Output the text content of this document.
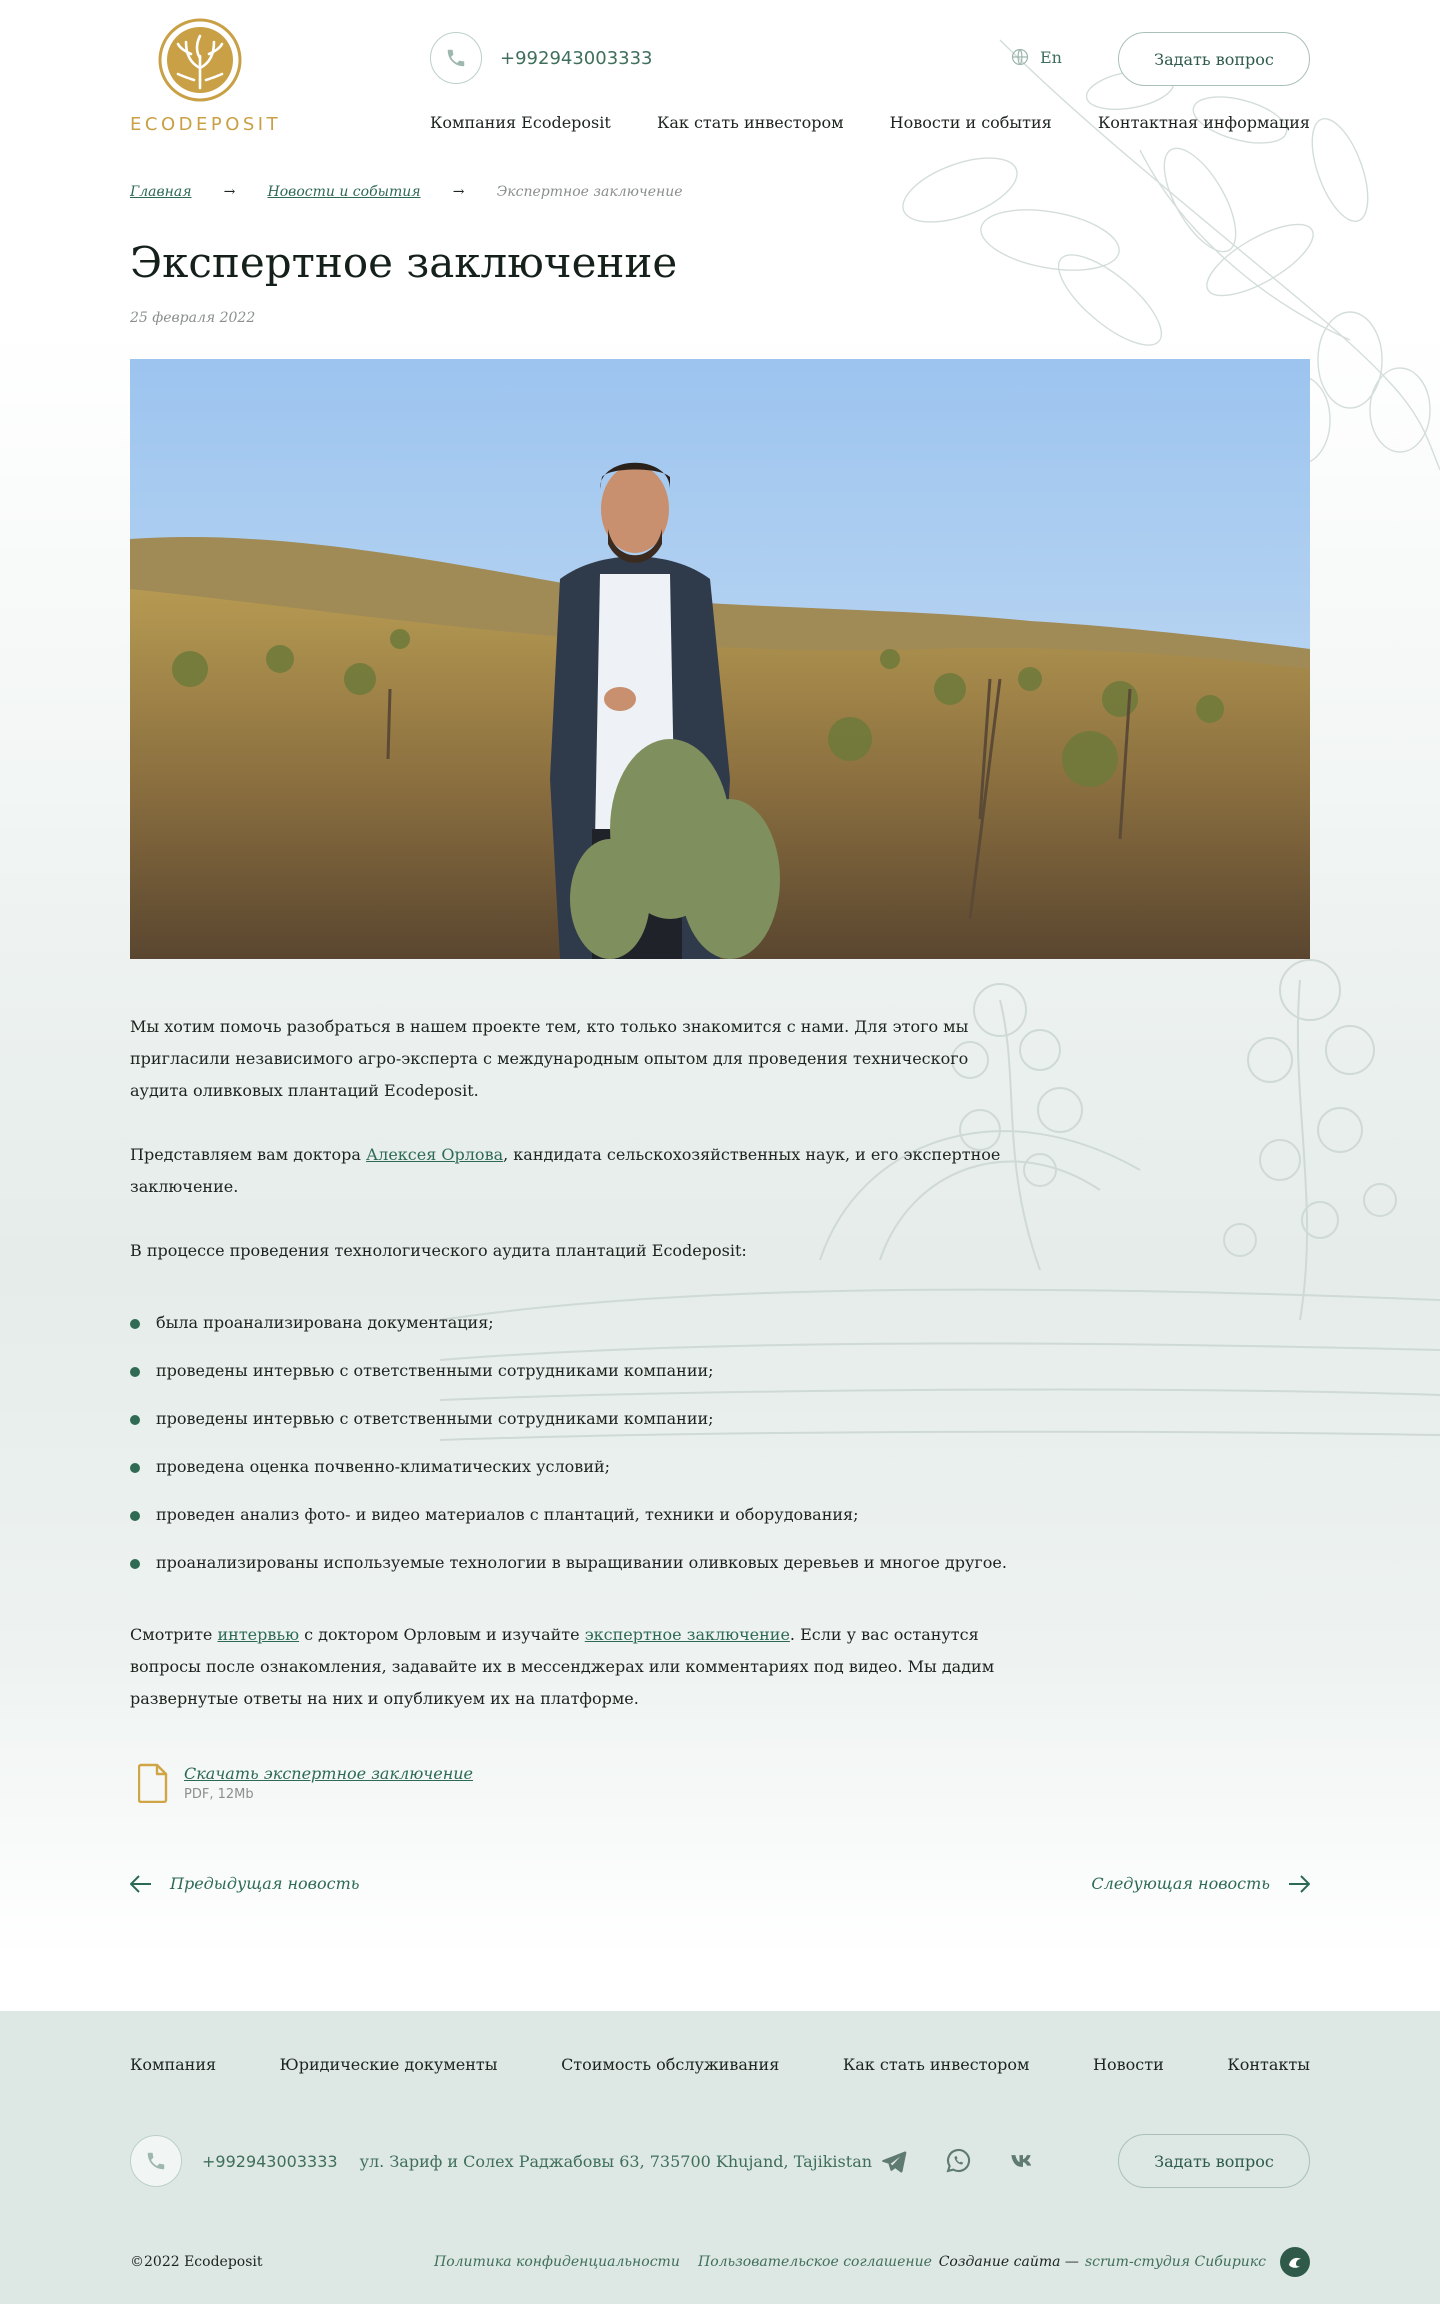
ECODEPOSIT
+992943003333	En	Задать вопрос
Компания Ecodeposit	Как стать инвестором	Новости и события	Контактная информация
Главная	→	Новости и события	→	Экспертное заключение
Экспертное заключение
25 февраля 2022

Мы хотим помочь разобраться в нашем проекте тем, кто только знакомится с нами. Для этого мы пригласили независимого агро-эксперта с международным опытом для проведения технического аудита оливковых плантаций Ecodeposit.

Представляем вам доктора Алексея Орлова, кандидата сельскохозяйственных наук, и его экспертное заключение.

В процессе проведения технологического аудита плантаций Ecodeposit:

была проанализирована документация;
проведены интервью с ответственными сотрудниками компании;
проведены интервью с ответственными сотрудниками компании;
проведена оценка почвенно-климатических условий;
проведен анализ фото- и видео материалов с плантаций, техники и оборудования;
проанализированы используемые технологии в выращивании оливковых деревьев и многое другое.

Смотрите интервью с доктором Орловым и изучайте экспертное заключение. Если у вас останутся вопросы после ознакомления, задавайте их в мессенджерах или комментариях под видео. Мы дадим развернутые ответы на них и опубликуем их на платформе.

Скачать экспертное заключение
PDF, 12Mb
Предыдущая новость	Следующая новость
Компания	Юридические документы	Стоимость обслуживания	Как стать инвестором	Новости	Контакты
+992943003333 ул. Зариф и Солех Раджабовы 63, 735700 Khujand, Tajikistan	Задать вопрос
©2022 Ecodeposit	Политика конфиденциальности Пользовательское соглашение Создание сайта — scrum-студия Сибирикс
